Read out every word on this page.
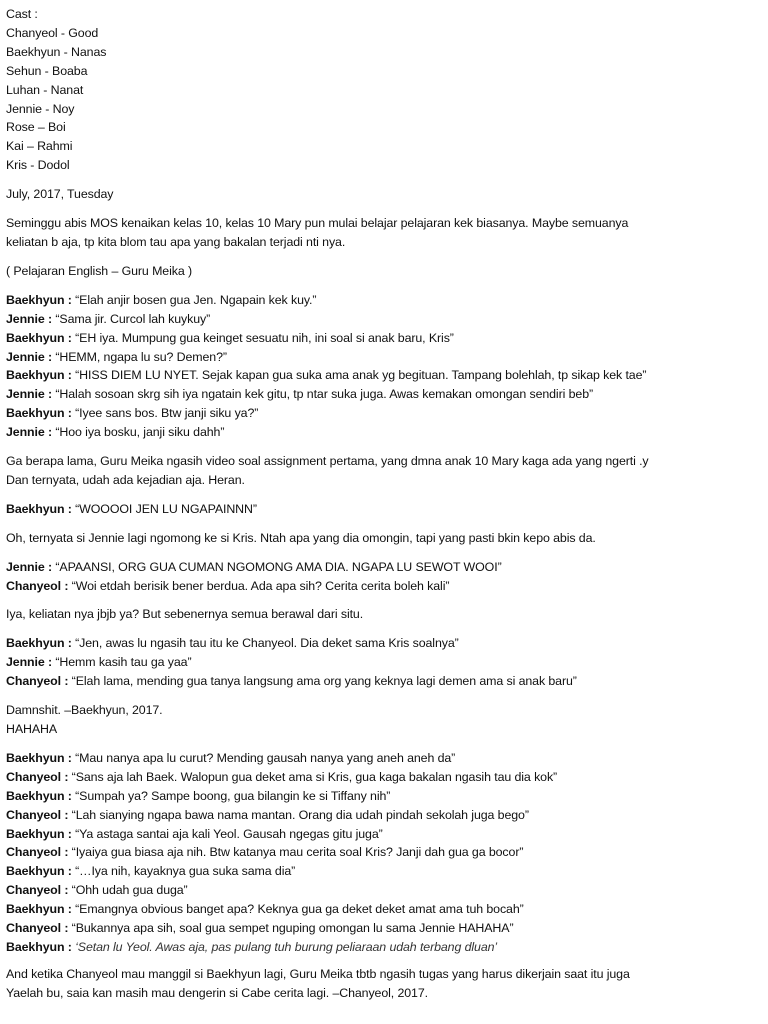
Cast :
Chanyeol - Good
Baekhyun - Nanas
Sehun - Boaba
Luhan - Nanat
Jennie - Noy
Rose – Boi
Kai – Rahmi
Kris - Dodol
July, 2017, Tuesday
Seminggu abis MOS kenaikan kelas 10, kelas 10 Mary pun mulai belajar pelajaran kek biasanya. Maybe semuanya
keliatan b aja, tp kita blom tau apa yang bakalan terjadi nti nya.
( Pelajaran English – Guru Meika )
Baekhyun : “Elah anjir bosen gua Jen. Ngapain kek kuy.”
Jennie : “Sama jir. Curcol lah kuykuy”
Baekhyun : “EH iya. Mumpung gua keinget sesuatu nih, ini soal si anak baru, Kris”
Jennie : “HEMM, ngapa lu su? Demen?”
Baekhyun : “HISS DIEM LU NYET. Sejak kapan gua suka ama anak yg begituan. Tampang bolehlah, tp sikap kek tae”
Jennie : “Halah sosoan skrg sih iya ngatain kek gitu, tp ntar suka juga. Awas kemakan omongan sendiri beb”
Baekhyun : “Iyee sans bos. Btw janji siku ya?”
Jennie : “Hoo iya bosku, janji siku dahh”
Ga berapa lama, Guru Meika ngasih video soal assignment pertama, yang dmna anak 10 Mary kaga ada yang ngerti .y
Dan ternyata, udah ada kejadian aja. Heran.
Baekhyun : “WOOOOI JEN LU NGAPAINNN”
Oh, ternyata si Jennie lagi ngomong ke si Kris. Ntah apa yang dia omongin, tapi yang pasti bkin kepo abis da.
Jennie : “APAANSI, ORG GUA CUMAN NGOMONG AMA DIA. NGAPA LU SEWOT WOOI”
Chanyeol : “Woi etdah berisik bener berdua. Ada apa sih? Cerita cerita boleh kali”
Iya, keliatan nya jbjb ya? But sebenernya semua berawal dari situ.
Baekhyun : “Jen, awas lu ngasih tau itu ke Chanyeol. Dia deket sama Kris soalnya”
Jennie : “Hemm kasih tau ga yaa”
Chanyeol : “Elah lama, mending gua tanya langsung ama org yang keknya lagi demen ama si anak baru”
Damnshit. –Baekhyun, 2017.
HAHAHA
Baekhyun : “Mau nanya apa lu curut? Mending gausah nanya yang aneh aneh da”
Chanyeol : “Sans aja lah Baek. Walopun gua deket ama si Kris, gua kaga bakalan ngasih tau dia kok”
Baekhyun : “Sumpah ya? Sampe boong, gua bilangin ke si Tiffany nih”
Chanyeol : “Lah sianying ngapa bawa nama mantan. Orang dia udah pindah sekolah juga bego”
Baekhyun : “Ya astaga santai aja kali Yeol. Gausah ngegas gitu juga”
Chanyeol : “Iyaiya gua biasa aja nih. Btw katanya mau cerita soal Kris? Janji dah gua ga bocor”
Baekhyun : “…Iya nih, kayaknya gua suka sama dia”
Chanyeol : “Ohh udah gua duga”
Baekhyun : “Emangnya obvious banget apa? Keknya gua ga deket deket amat ama tuh bocah”
Chanyeol : “Bukannya apa sih, soal gua sempet nguping omongan lu sama Jennie HAHAHA”
Baekhyun : ‘Setan lu Yeol. Awas aja, pas pulang tuh burung peliaraan udah terbang dluan’
And ketika Chanyeol mau manggil si Baekhyun lagi, Guru Meika tbtb ngasih tugas yang harus dikerjain saat itu juga
Yaelah bu, saia kan masih mau dengerin si Cabe cerita lagi. –Chanyeol, 2017.
